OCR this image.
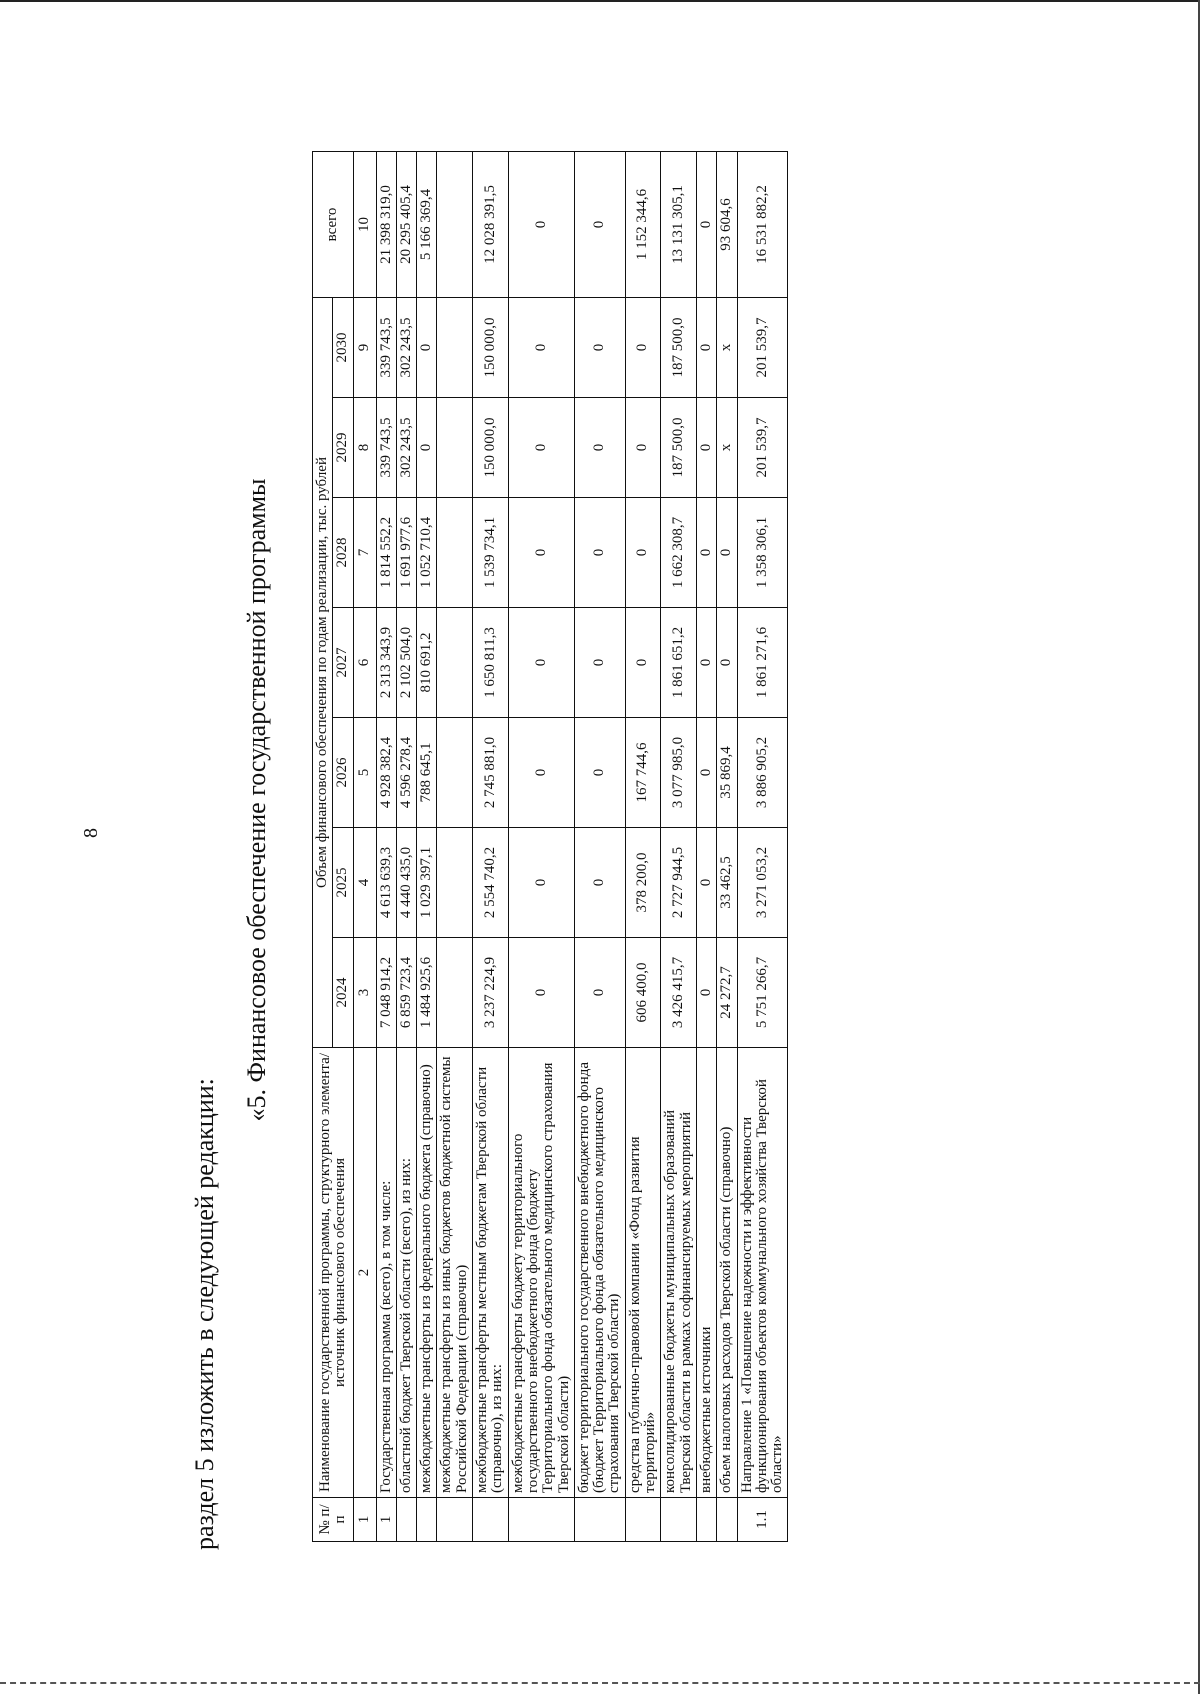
8
раздел 5 изложить в следующей редакции:
«5. Финансовое обеспечение государственной программы
№ п/п	Наименование государственной программы, структурного элемента/источник финансового обеспечения	Объем финансового обеспечения по годам реализации, тыс. рублей							всего
		2024	2025	2026	2027	2028	2029	2030	
1	2	3	4	5	6	7	8	9	10
1	Государственная программа (всего), в том числе:	7 048 914,2	4 613 639,3	4 928 382,4	2 313 343,9	1 814 552,2	339 743,5	339 743,5	21 398 319,0
	областной бюджет Тверской области (всего), из них:	6 859 723,4	4 440 435,0	4 596 278,4	2 102 504,0	1 691 977,6	302 243,5	302 243,5	20 295 405,4
	межбюджетные трансферты из федерального бюджета (справочно)	1 484 925,6	1 029 397,1	788 645,1	810 691,2	1 052 710,4	0	0	5 166 369,4
	межбюджетные трансферты из иных бюджетов бюджетной системы Российской Федерации (справочно)								
	межбюджетные трансферты местным бюджетам Тверской области (справочно), из них:	3 237 224,9	2 554 740,2	2 745 881,0	1 650 811,3	1 539 734,1	150 000,0	150 000,0	12 028 391,5
	межбюджетные трансферты бюджету территориального государственного внебюджетного фонда (бюджету Территориального фонда обязательного медицинского страхования Тверской области)	0	0	0	0	0	0	0	0
	бюджет территориального государственного внебюджетного фонда (бюджет Территориального фонда обязательного медицинского страхования Тверской области)	0	0	0	0	0	0	0	0
	средства публично-правовой компании «Фонд развития территорий»	606 400,0	378 200,0	167 744,6	0	0	0	0	1 152 344,6
	консолидированные бюджеты муниципальных образований Тверской области в рамках софинансируемых мероприятий	3 426 415,7	2 727 944,5	3 077 985,0	1 861 651,2	1 662 308,7	187 500,0	187 500,0	13 131 305,1
	внебюджетные источники	0	0	0	0	0	0	0	0
	объем налоговых расходов Тверской области (справочно)	24 272,7	33 462,5	35 869,4	0	0	x	x	93 604,6
1.1	Направление 1 «Повышение надежности и эффективности функционирования объектов коммунального хозяйства Тверской области»	5 751 266,7	3 271 053,2	3 886 905,2	1 861 271,6	1 358 306,1	201 539,7	201 539,7	16 531 882,2
